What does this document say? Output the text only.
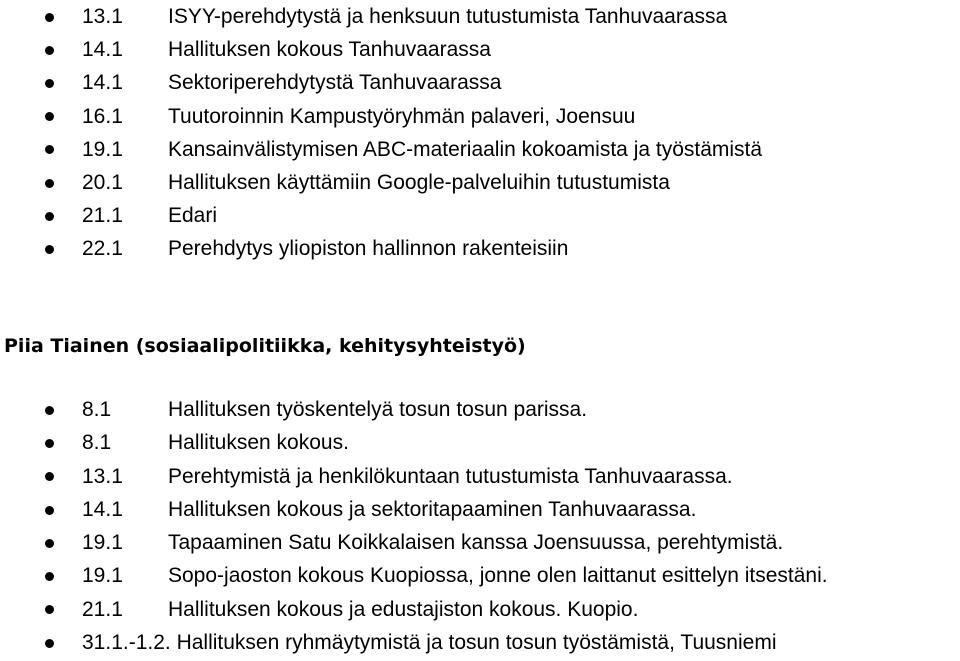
13.1 ISYY-perehdytystä ja henksuun tutustumista Tanhuvaarassa
14.1 Hallituksen kokous Tanhuvaarassa
14.1 Sektoriperehdytystä Tanhuvaarassa
16.1 Tuutoroinnin Kampustyöryhmän palaveri, Joensuu
19.1 Kansainvälistymisen ABC-materiaalin kokoamista ja työstämistä
20.1 Hallituksen käyttämiin Google-palveluihin tutustumista
21.1 Edari
22.1 Perehdytys yliopiston hallinnon rakenteisiin
Piia Tiainen (sosiaalipolitiikka, kehitysyhteistyö)
8.1	Hallituksen työskentelyä tosun tosun parissa.
8.1	Hallituksen kokous.
13.1 Perehtymistä ja henkilökuntaan tutustumista Tanhuvaarassa.
14.1 Hallituksen kokous ja sektoritapaaminen Tanhuvaarassa.
19.1 Tapaaminen Satu Koikkalaisen kanssa Joensuussa, perehtymistä.
19.1 Sopo-jaoston kokous Kuopiossa, jonne olen laittanut esittelyn itsestäni.
21.1 Hallituksen kokous ja edustajiston kokous. Kuopio.
31.1.-1.2. Hallituksen ryhmäytymistä ja tosun tosun työstämistä, Tuusniemi
